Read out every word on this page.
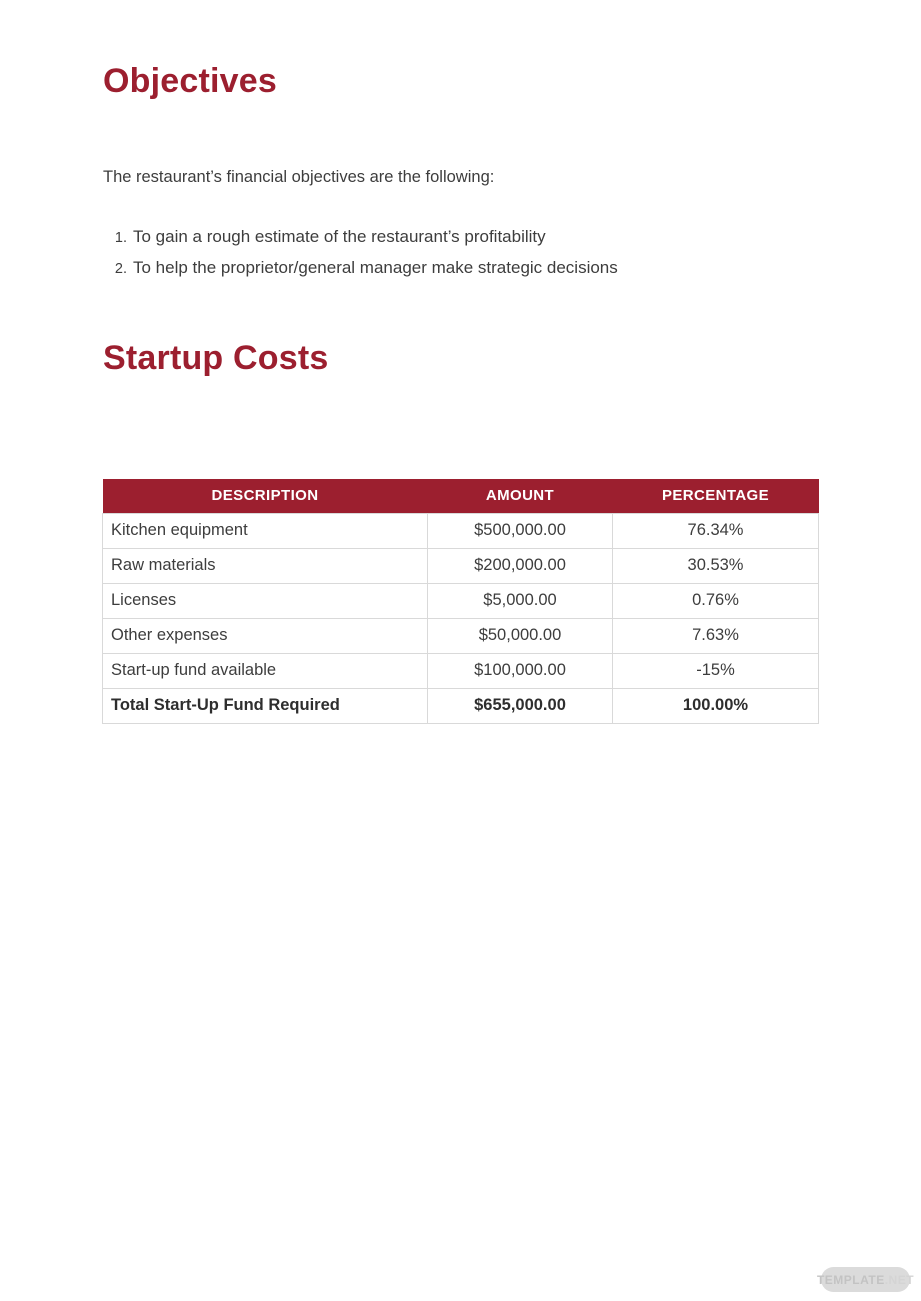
Objectives

The restaurant’s financial objectives are the following:

1. To gain a rough estimate of the restaurant’s profitability
2. To help the proprietor/general manager make strategic decisions
Startup Costs
DESCRIPTION	AMOUNT	PERCENTAGE
Kitchen equipment	$500,000.00	76.34%
Raw materials	$200,000.00	30.53%
Licenses	$5,000.00	0.76%
Other expenses	$50,000.00	7.63%
Start-up fund available	$100,000.00	-15%
Total Start-Up Fund Required	$655,000.00	100.00%
TEMPLATE .NET
